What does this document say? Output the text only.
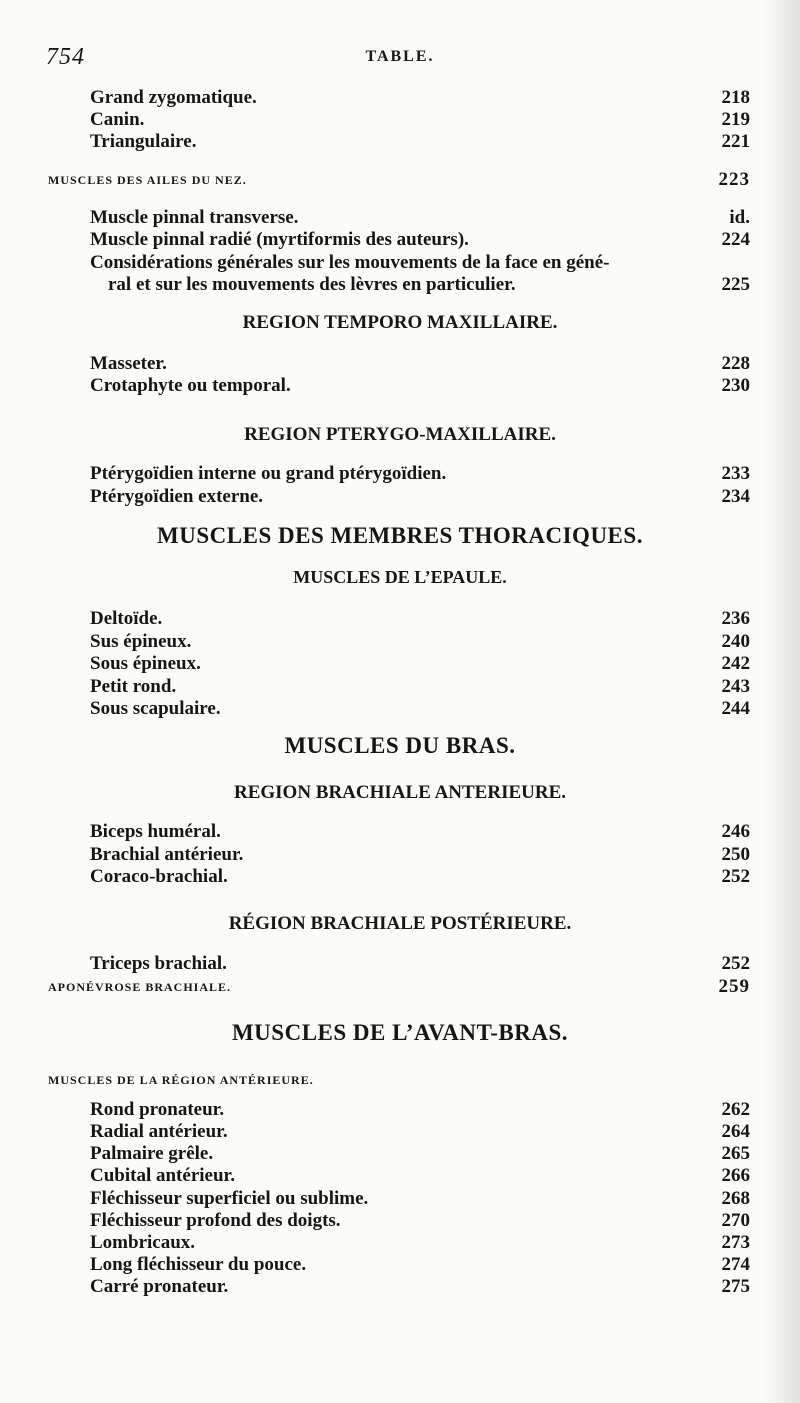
754	TABLE.
Grand zygomatique.	218
Canin.	219
Triangulaire.	221
MUSCLES DES AILES DU NEZ.	223
Muscle pinnal transverse.	id.
Muscle pinnal radié (myrtiformis des auteurs).	224
Considérations générales sur les mouvements de la face en géné-
ral et sur les mouvements des lèvres en particulier.	225
REGION TEMPORO MAXILLAIRE.
Masseter.	228
Crotaphyte ou temporal.	230
REGION PTERYGO-MAXILLAIRE.
Ptérygoïdien interne ou grand ptérygoïdien.	233
Ptérygoïdien externe.	234
MUSCLES DES MEMBRES THORACIQUES.
MUSCLES DE L’EPAULE.
Deltoïde.	236
Sus épineux.	240
Sous épineux.	242
Petit rond.	243
Sous scapulaire.	244
MUSCLES DU BRAS.
REGION BRACHIALE ANTERIEURE.
Biceps huméral.	246
Brachial antérieur.	250
Coraco-brachial.	252
RÉGION BRACHIALE POSTÉRIEURE.
Triceps brachial.	252
APONÉVROSE BRACHIALE.	259
MUSCLES DE L’AVANT-BRAS.
MUSCLES DE LA RÉGION ANTÉRIEURE.
Rond pronateur.	262
Radial antérieur.	264
Palmaire grêle.	265
Cubital antérieur.	266
Fléchisseur superficiel ou sublime.	268
Fléchisseur profond des doigts.	270
Lombricaux.	273
Long fléchisseur du pouce.	274
Carré pronateur.	275
